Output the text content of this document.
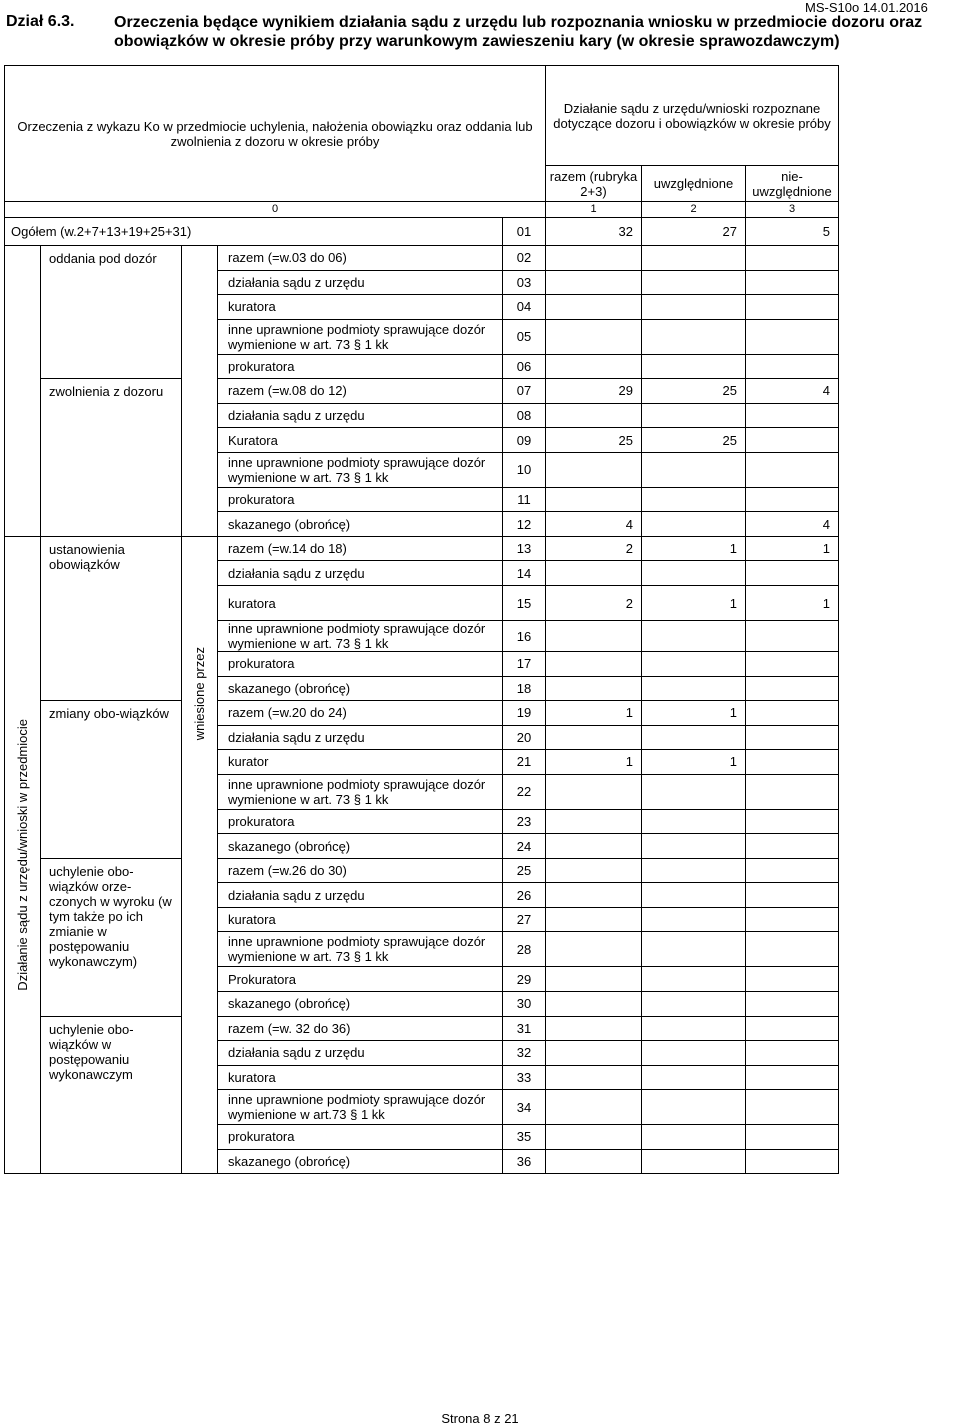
MS-S10o 14.01.2016
Dział 6.3. Orzeczenia będące wynikiem działania sądu z urzędu lub rozpoznania wniosku w przedmiocie dozoru oraz obowiązków w okresie próby przy warunkowym zawieszeniu kary (w okresie sprawozdawczym)
Orzeczenia z wykazu Ko w przedmiocie uchylenia, nałożenia obowiązku oraz oddania lub zwolnienia z dozoru w okresie próby					Działanie sądu z urzędu/wnioski rozpoznane dotyczące dozoru i obowiązków w okresie próby		
					razem (rubryka 2+3)	uwzględnione	nie-uwzględnione
0					1	2	3
Ogółem (w.2+7+13+19+25+31)				01	32	27	5
	oddania pod dozór		razem (=w.03 do 06)	02			
			działania sądu z urzędu	03			
			kuratora	04			
			inne uprawnione podmioty sprawujące dozór wymienione w art. 73 § 1 kk	05			
			prokuratora	06			
	zwolnienia z dozoru		razem (=w.08 do 12)	07	29	25	4
			działania sądu z urzędu	08			
			Kuratora	09	25	25	
			inne uprawnione podmioty sprawujące dozór wymienione w art. 73 § 1 kk	10			
			prokuratora	11			
			skazanego (obrońcę)	12	4		4

Działanie sądu z urzędu/wnioski w przedmiocie	ustanowienia obowiązków	wniesione przez	razem (=w.14 do 18)	13	2	1	1
			działania sądu z urzędu	14			
			kuratora	15	2	1	1
			inne uprawnione podmioty sprawujące dozór wymienione w art. 73 § 1 kk	16			
			prokuratora	17			
			skazanego (obrońcę)	18			
	zmiany obo-wiązków		razem (=w.20 do 24)	19	1	1	
			działania sądu z urzędu	20			
			kurator	21	1	1	
			inne uprawnione podmioty sprawujące dozór wymienione w art. 73 § 1 kk	22			
			prokuratora	23			
			skazanego (obrońcę)	24			
	uchylenie obo-wiązków orze-czonych w wyroku (w tym także po ich zmianie w postępowaniu wykonawczym)		razem (=w.26 do 30)	25			
			działania sądu z urzędu	26			
			kuratora	27			
			inne uprawnione podmioty sprawujące dozór wymienione w art. 73 § 1 kk	28			
			Prokuratora	29			
			skazanego (obrońcę)	30			
	uchylenie obo-wiązków w postępowaniu wykonawczym		razem (=w. 32 do 36)	31			
			działania sądu z urzędu	32			
			kuratora	33			
			inne uprawnione podmioty sprawujące dozór wymienione w art.73 § 1 kk	34			
			prokuratora	35			
			skazanego (obrońcę)	36			
Strona 8 z 21
